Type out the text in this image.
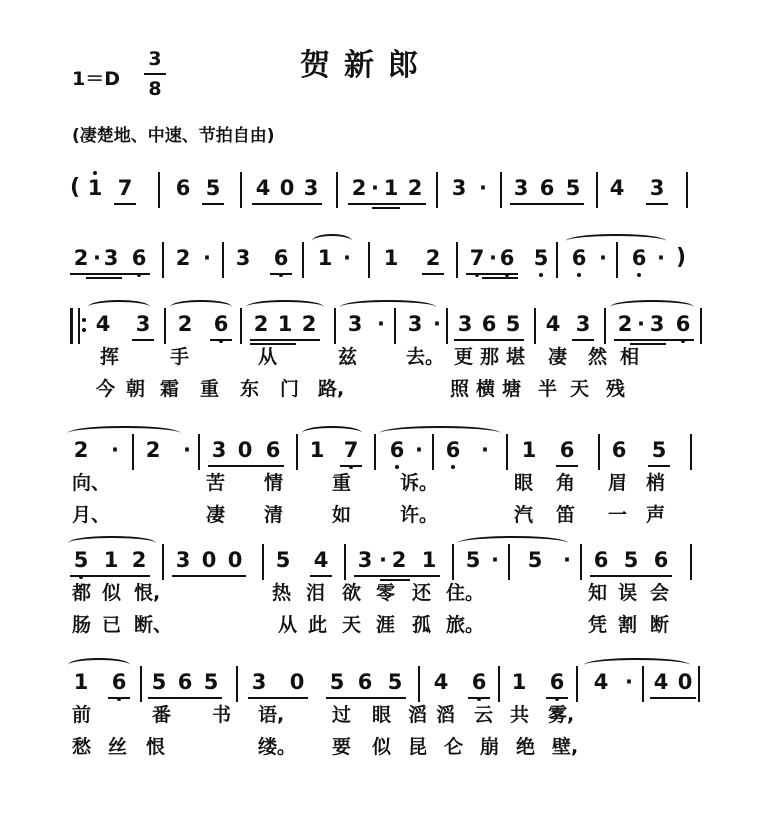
贺新郎
1＝D
3
8
(凄楚地、中速、节拍自由)
( 1 7 6 5 4 0 3 2 · 1 2 3 ·	3 6 5 4 3
2 · 3 6 2 ·	3 6 1 ·	1 2 7 · 6 5 6 ·	6 · )
4 3 2 6 2 1 2 3 ·	3 · 3 6 5 4 3 2 · 3 6
挥	手	从	兹	去。 更 那 堪 凄 然 相
今 朝 霜 重 东 门 路,	照 横 塘 半 天 残
2	·	2	· 3 0 6 1 7 6 ·	6 ·	1 6 6 5
向、	苦 情	重	诉。	眼 角 眉 梢
月、	凄 清	如	许。	汽 笛 一 声
5 1 2 3 0 0 5 4 3 · 2 1 5 ·	5 ·	6 5 6
都 似 恨,	热 泪 欲 零 还 住。	知 误 会
肠 已 断、	从 此 天 涯 孤 旅。	凭 割 断
1 6 5 6 5 3 0 5 6 5 4 6 1 6 4 · 4 0
前	番 书 语,	过 眼 滔 滔 云 共 雾,
愁 丝 恨	缕。 要 似 昆 仑 崩 绝 壁,
